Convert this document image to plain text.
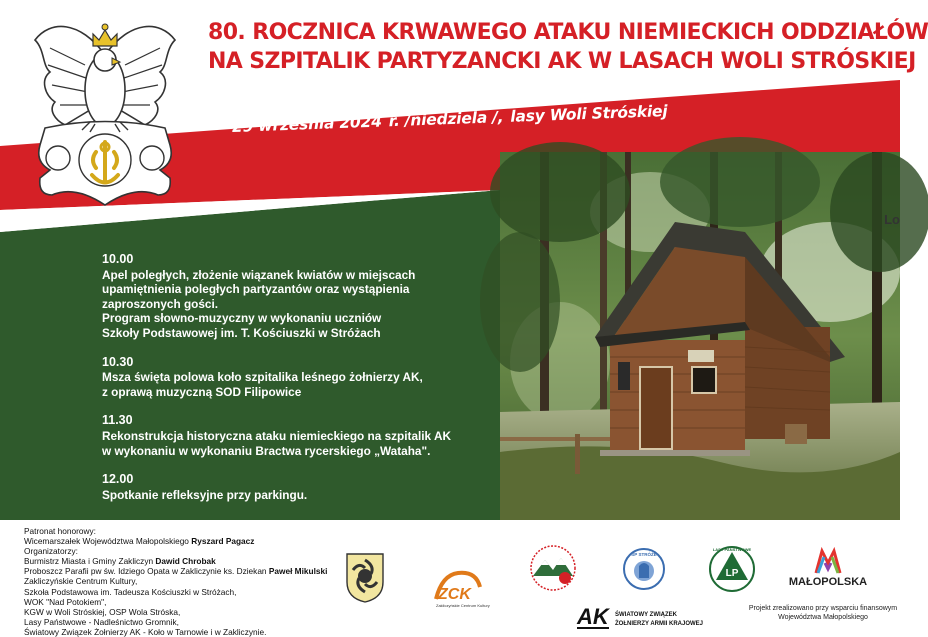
80. ROCZNICA KRWAWEGO ATAKU NIEMIECKICH ODDZIAŁÓW
NA SZPITALIK PARTYZANCKI AK W LASACH WOLI STRÓSKIEJ
29 września 2024 r. /niedziela /, lasy Woli Stróskiej
Lo
10.00
Apel poległych, złożenie wiązanek kwiatów w miejscach
upamiętnienia poległych partyzantów oraz wystąpienia
zaproszonych gości.
Program słowno-muzyczny w wykonaniu uczniów
Szkoły Podstawowej im. T. Kościuszki w Stróżach
10.30
Msza święta polowa koło szpitalika leśnego żołnierzy AK,
z oprawą muzyczną SOD Filipowice
11.30
Rekonstrukcja historyczna ataku niemieckiego na szpitalik AK
w wykonaniu w wykonaniu Bractwa rycerskiego „Wataha".
12.00
Spotkanie refleksyjne przy parkingu.
Patronat honorowy:
Wicemarszałek Województwa Małopolskiego Ryszard Pagacz
Organizatorzy:
Burmistrz Miasta i Gminy Zakliczyn Dawid Chrobak
Proboszcz Parafii pw św. Idziego Opata w Zakliczynie ks. Dziekan Paweł Mikulski
Zakliczyńskie Centrum Kultury,
Szkoła Podstawowa im. Tadeusza Kościuszki w Stróżach,
WOK "Nad Potokiem",
KGW w Woli Stróskiej, OSP Wola Stróska,
Lasy Państwowe - Nadleśnictwo Gromnik,
Światowy Związek Żołnierzy AK - Koło w Tarnowie i w Zakliczynie.
ZCK
Zakliczyńskie Centrum Kultury
SP STRÓŻE
LP
LASY PAŃSTWOWE
MAŁOPOLSKA
AK	ŚWIATOWY ZWIĄZEK
ŻOŁNIERZY ARMII KRAJOWEJ
Projekt zrealizowano przy wsparciu finansowym
Województwa Małopolskiego
